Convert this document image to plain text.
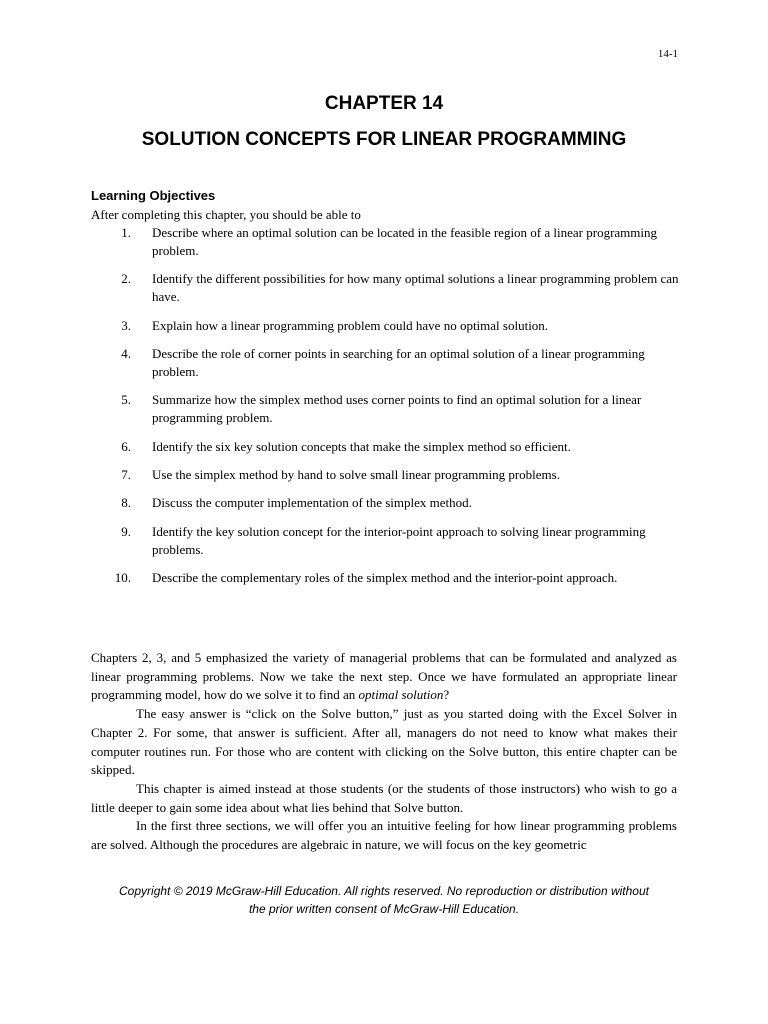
14-1
CHAPTER 14
SOLUTION CONCEPTS FOR LINEAR PROGRAMMING
Learning Objectives

After completing this chapter, you should be able to

1. Describe where an optimal solution can be located in the feasible region of a linear programming problem.
2. Identify the different possibilities for how many optimal solutions a linear programming problem can have.
3. Explain how a linear programming problem could have no optimal solution.
4. Describe the role of corner points in searching for an optimal solution of a linear programming problem.
5. Summarize how the simplex method uses corner points to find an optimal solution for a linear programming problem.
6. Identify the six key solution concepts that make the simplex method so efficient.
7. Use the simplex method by hand to solve small linear programming problems.
8. Discuss the computer implementation of the simplex method.
9. Identify the key solution concept for the interior-point approach to solving linear programming problems.
10. Describe the complementary roles of the simplex method and the interior-point approach.

Chapters 2, 3, and 5 emphasized the variety of managerial problems that can be formulated and analyzed as linear programming problems. Now we take the next step. Once we have formulated an appropriate linear programming model, how do we solve it to find an optimal solution?

The easy answer is “click on the Solve button,” just as you started doing with the Excel Solver in Chapter 2. For some, that answer is sufficient. After all, managers do not need to know what makes their computer routines run. For those who are content with clicking on the Solve button, this entire chapter can be skipped.

This chapter is aimed instead at those students (or the students of those instructors) who wish to go a little deeper to gain some idea about what lies behind that Solve button.

In the first three sections, we will offer you an intuitive feeling for how linear programming problems are solved. Although the procedures are algebraic in nature, we will focus on the key geometric

Copyright © 2019 McGraw-Hill Education. All rights reserved. No reproduction or distribution without
the prior written consent of McGraw-Hill Education.
